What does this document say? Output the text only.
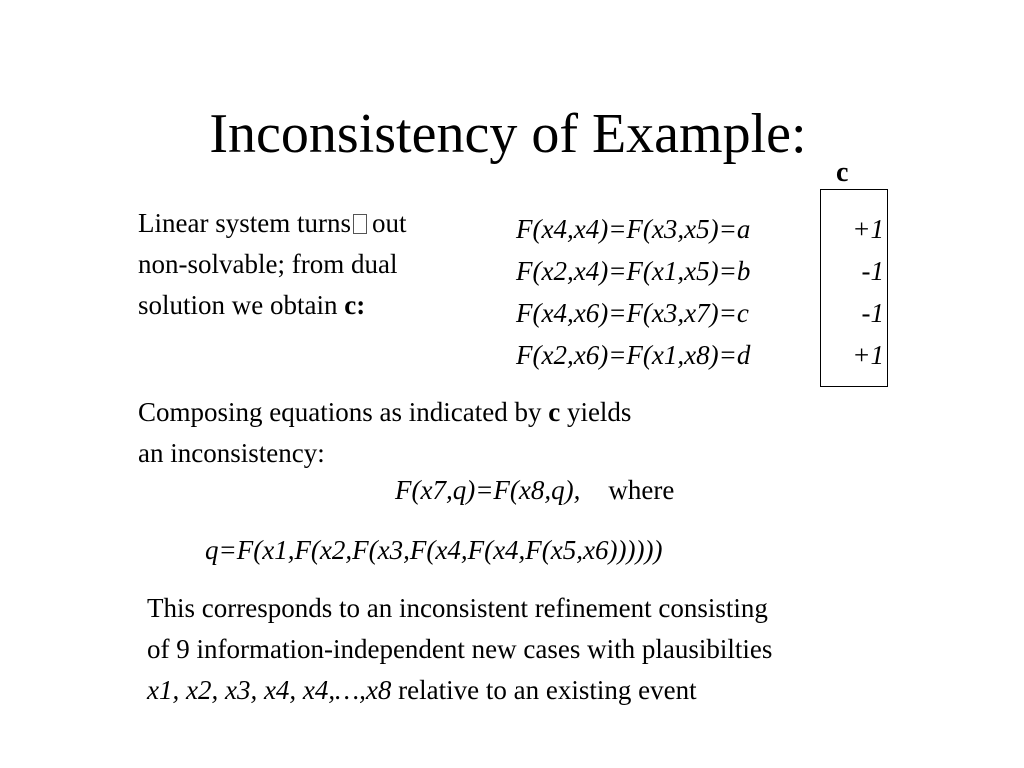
Inconsistency of Example:
c
Linear system turns out
non-solvable; from dual
solution we obtain c:
F(x4,x4)=F(x3,x5)=a
F(x2,x4)=F(x1,x5)=b
F(x4,x6)=F(x3,x7)=c
F(x2,x6)=F(x1,x8)=d
+1
-1
-1
+1
Composing equations as indicated by c yields
an inconsistency:
F(x7,q)=F(x8,q), where
q=F(x1,F(x2,F(x3,F(x4,F(x4,F(x5,x6))))))
This corresponds to an inconsistent refinement consisting
of 9 information-independent new cases with plausibilties
x1, x2, x3, x4, x4,…,x8 relative to an existing event
